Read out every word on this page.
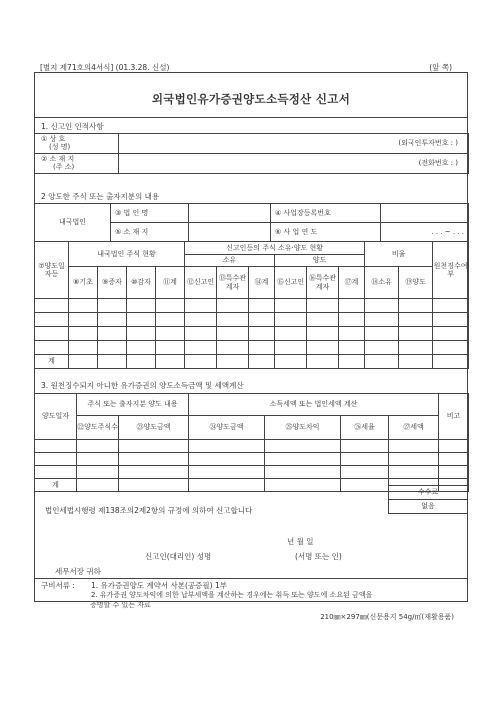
[별지 제71호의4서식] (01.3.28. 신설)	(앞 쪽)
외국법인유가증권양도소득정산 신고서
1. 신고인 인적사항
① 상 호
(성 명)	(외국인투자번호 : )

② 소 재 지
(주 소)	(전화번호 : )
2 양도한 주식 또는 출자지분의 내용
내국법인	③ 법 인 명		④ 사업장등록번호	
	⑤ 소 재 지		⑥ 사 업 연 도	. . . ~ . . .
⑦양도일자등	내국법인 주식 현황				신고인등의 주식 소유·양도 현황						비율		원천징수여부
					소유			양도					
	⑧기초	⑨증자	⑩감자	⑪계	⑫신고인	⑬특수관계자	⑭계	⑮신고인	⑯특수관계자	⑰계	⑱소유	⑲양도	

계													
3. 원천징수되지 아니한 유가증권의 양도소득금액 및 세액계산
양도일자	주식 또는 출자지분 양도 내용		소득세액 또는 법인세액 계산				비고
	㉒양도주식수	㉓양도금액	㉔양도금액	㉕양도차익	㉖세율	㉗세액	

계							
수수료
없음
법인세법시행령 제138조의2제2항의 규정에 의하여 신고합니다
년 월 일
신고인(대리인) 성명	(서명 또는 인)
세무서장 귀하
구비서류 : 1. 유가증권양도 계약서 사본(공증필) 1부
2. 유가증권 양도차익에 의한 납부세액을 계산하는 경우에는 취득 또는 양도에 소요된 금액을
증명할 수 있는 자료
210㎜×297㎜(신문용지 54g/㎡(재활용품)
